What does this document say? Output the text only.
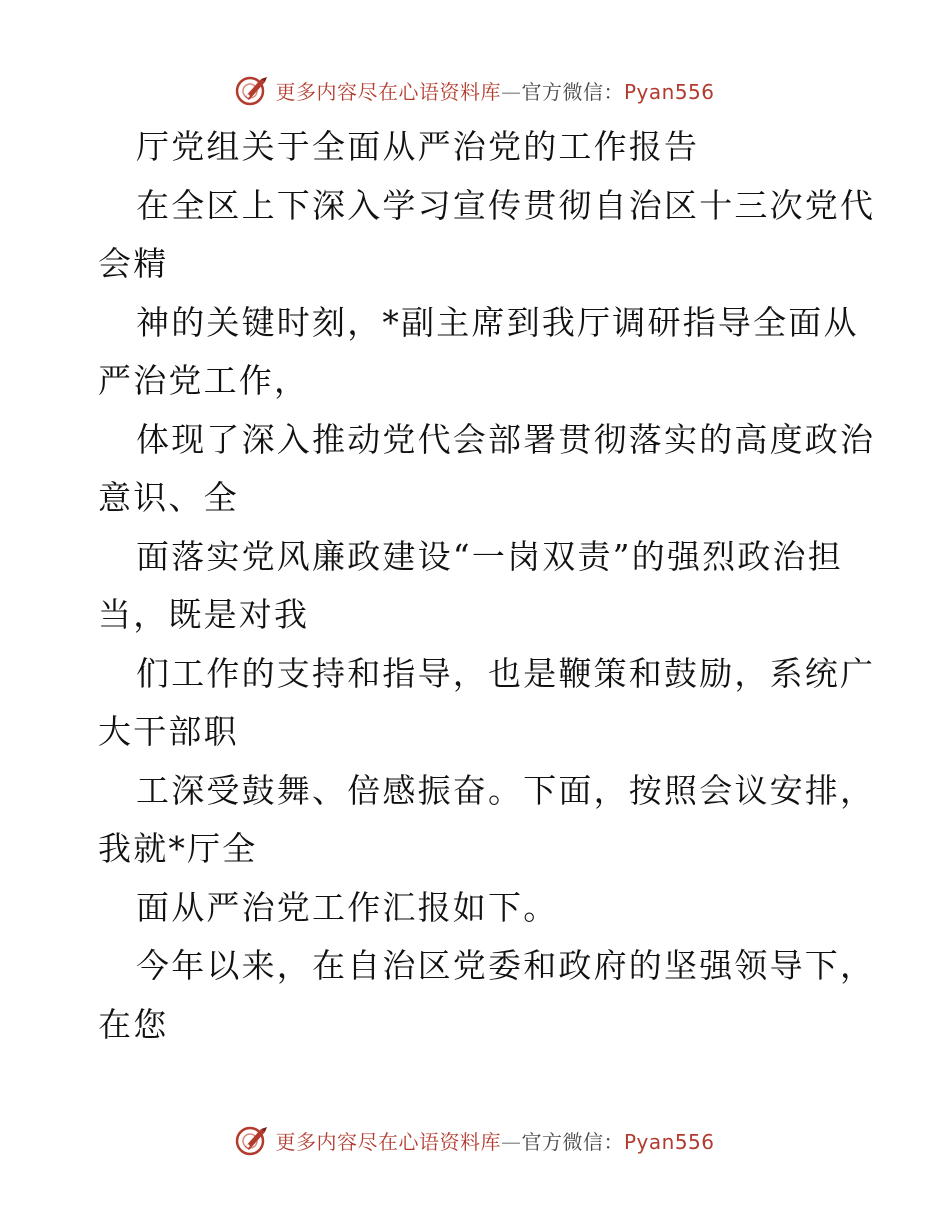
更多内容尽在心语资料库—官方微信：Pyan556
厅党组关于全面从严治党的工作报告
在全区上下深入学习宣传贯彻自治区十三次党代
会精
神的关键时刻，*副主席到我厅调研指导全面从
严治党工作，
体现了深入推动党代会部署贯彻落实的高度政治
意识、全
面落实党风廉政建设“一岗双责”的强烈政治担
当，既是对我
们工作的支持和指导，也是鞭策和鼓励，系统广
大干部职
工深受鼓舞、倍感振奋。下面，按照会议安排，
我就*厅全
面从严治党工作汇报如下。
今年以来，在自治区党委和政府的坚强领导下，
在您
更多内容尽在心语资料库—官方微信：Pyan556
